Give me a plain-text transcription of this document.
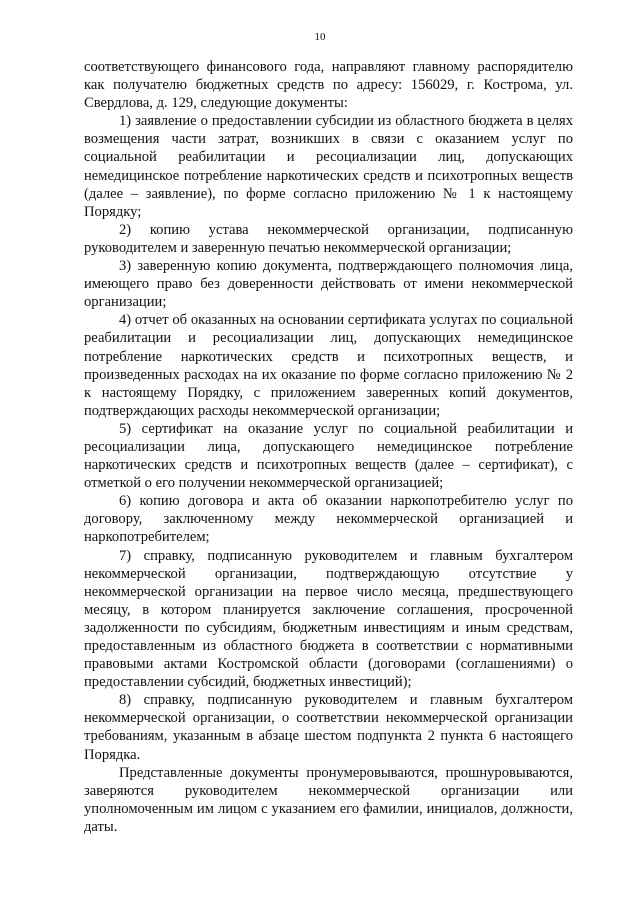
10

соответствующего финансового года, направляют главному распорядителю как получателю бюджетных средств по адресу: 156029, г. Кострома, ул. Свердлова, д. 129, следующие документы:

1) заявление о предоставлении субсидии из областного бюджета в целях возмещения части затрат, возникших в связи с оказанием услуг по социальной реабилитации и ресоциализации лиц, допускающих немедицинское потребление наркотических средств и психотропных веществ (далее – заявление), по форме согласно приложению № 1 к настоящему Порядку;

2) копию устава некоммерческой организации, подписанную руководителем и заверенную печатью некоммерческой организации;

3) заверенную копию документа, подтверждающего полномочия лица, имеющего право без доверенности действовать от имени некоммерческой организации;

4) отчет об оказанных на основании сертификата услугах по социальной реабилитации и ресоциализации лиц, допускающих немедицинское потребление наркотических средств и психотропных веществ, и произведенных расходах на их оказание по форме согласно приложению № 2 к настоящему Порядку, с приложением заверенных копий документов, подтверждающих расходы некоммерческой организации;

5) сертификат на оказание услуг по социальной реабилитации и ресоциализации лица, допускающего немедицинское потребление наркотических средств и психотропных веществ (далее – сертификат), с отметкой о его получении некоммерческой организацией;

6) копию договора и акта об оказании наркопотребителю услуг по договору, заключенному между некоммерческой организацией и наркопотребителем;

7) справку, подписанную руководителем и главным бухгалтером некоммерческой организации, подтверждающую отсутствие у некоммерческой организации на первое число месяца, предшествующего месяцу, в котором планируется заключение соглашения, просроченной задолженности по субсидиям, бюджетным инвестициям и иным средствам, предоставленным из областного бюджета в соответствии с нормативными правовыми актами Костромской области (договорами (соглашениями) о предоставлении субсидий, бюджетных инвестиций);

8) справку, подписанную руководителем и главным бухгалтером некоммерческой организации, о соответствии некоммерческой организации требованиям, указанным в абзаце шестом подпункта 2 пункта 6 настоящего Порядка.

Представленные документы пронумеровываются, прошнуровываются, заверяются руководителем некоммерческой организации или уполномоченным им лицом с указанием его фамилии, инициалов, должности, даты.
